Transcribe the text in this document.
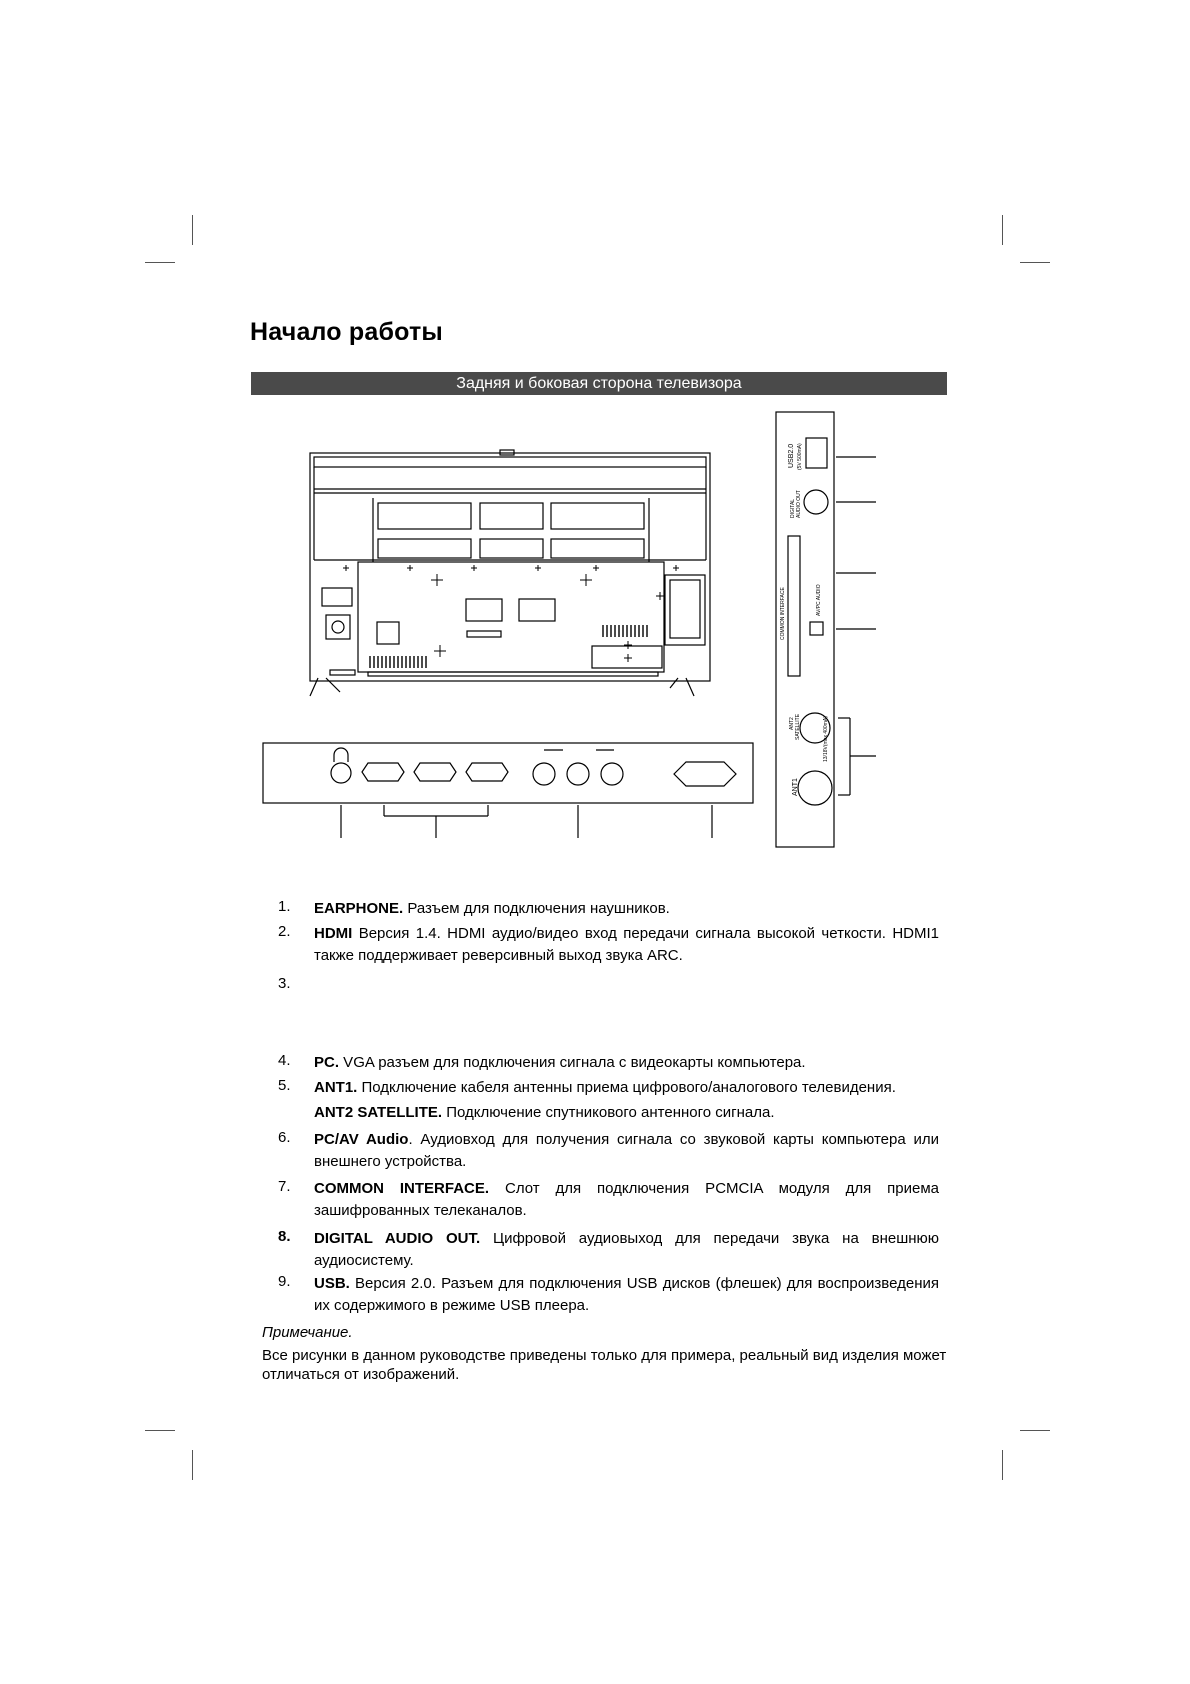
Начало работы
Задняя и боковая сторона телевизора
USB2.0 (5V 500mA)
DIGITAL AUDIO OUT
COMMON INTERFACE	AV/PC AUDIO
ANT2 SATELLITE	13/18V(max 400mA)
ANT1
1. EARPHONE. Разъем для подключения наушников.
2. HDMI Версия 1.4. HDMI аудио/видео вход передачи сигнала высокой четкости. HDMI1 также поддерживает реверсивный выход звука ARC.
3.
4. PC. VGA разъем для подключения сигнала с видеокарты компьютера.
5. ANT1. Подключение кабеля антенны приема цифрового/аналогового телевидения.
ANT2 SATELLITE. Подключение спутникового антенного сигнала.
6. PC/AV Audio. Аудиовход для получения сигнала со звуковой карты компьютера или внешнего устройства.
7. COMMON INTERFACE. Слот для подключения PCMCIA модуля для приема зашифрованных телеканалов.
8. DIGITAL AUDIO OUT. Цифровой аудиовыход для передачи звука на внешнюю аудиосистему.
9. USB. Версия 2.0. Разъем для подключения USB дисков (флешек) для воспроизведения их содержимого в режиме USB плеера.
Примечание.
Все рисунки в данном руководстве приведены только для примера, реальный вид изделия может отличаться от изображений.
